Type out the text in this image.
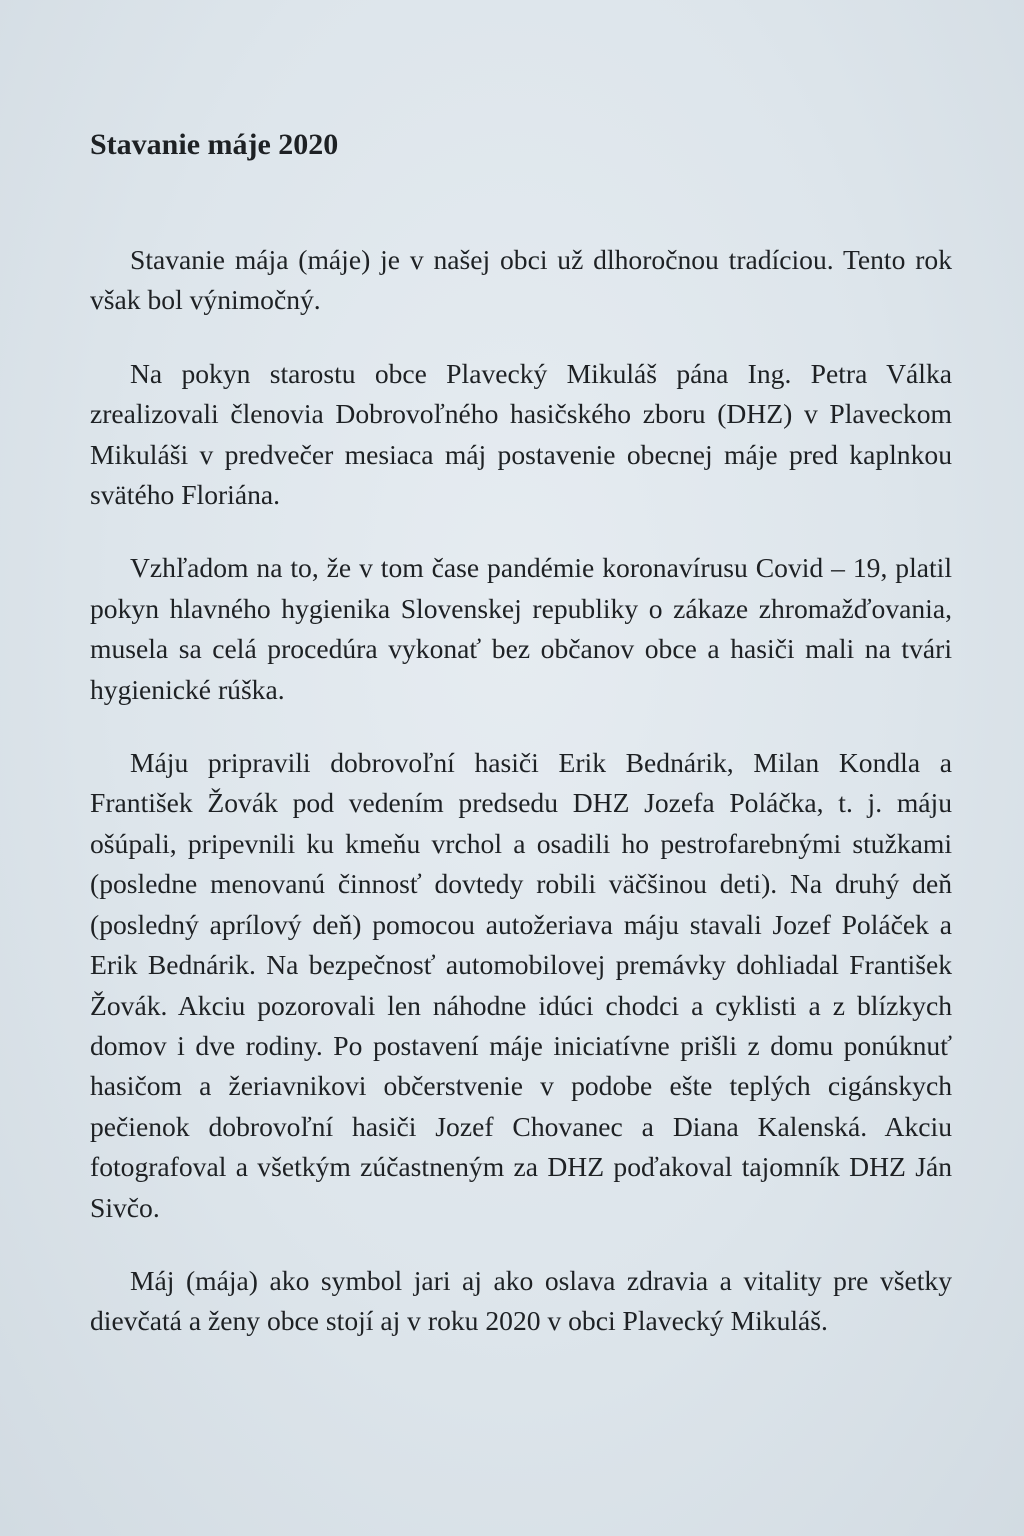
Stavanie máje 2020

Stavanie mája (máje) je v našej obci už dlhoročnou tradíciou. Tento rok však bol výnimočný.

Na pokyn starostu obce Plavecký Mikuláš pána Ing. Petra Válka zrealizovali členovia Dobrovoľného hasičského zboru (DHZ) v Plaveckom Mikuláši v predvečer mesiaca máj postavenie obecnej máje pred kaplnkou svätého Floriána.

Vzhľadom na to, že v tom čase pandémie koronavírusu Covid – 19, platil pokyn hlavného hygienika Slovenskej republiky o zákaze zhromažďovania, musela sa celá procedúra vykonať bez občanov obce a hasiči mali na tvári hygienické rúška.

Máju pripravili dobrovoľní hasiči Erik Bednárik, Milan Kondla a František Žovák pod vedením predsedu DHZ Jozefa Poláčka, t. j. máju ošúpali, pripevnili ku kmeňu vrchol a osadili ho pestrofarebnými stužkami (posledne menovanú činnosť dovtedy robili väčšinou deti). Na druhý deň (posledný aprílový deň) pomocou autožeriava máju stavali Jozef Poláček a Erik Bednárik. Na bezpečnosť automobilovej premávky dohliadal František Žovák. Akciu pozorovali len náhodne idúci chodci a cyklisti a z blízkych domov i dve rodiny. Po postavení máje iniciatívne prišli z domu ponúknuť hasičom a žeriavnikovi občerstvenie v podobe ešte teplých cigánskych pečienok dobrovoľní hasiči Jozef Chovanec a Diana Kalenská. Akciu fotografoval a všetkým zúčastneným za DHZ poďakoval tajomník DHZ Ján Sivčo.

Máj (mája) ako symbol jari aj ako oslava zdravia a vitality pre všetky dievčatá a ženy obce stojí aj v roku 2020 v obci Plavecký Mikuláš.
